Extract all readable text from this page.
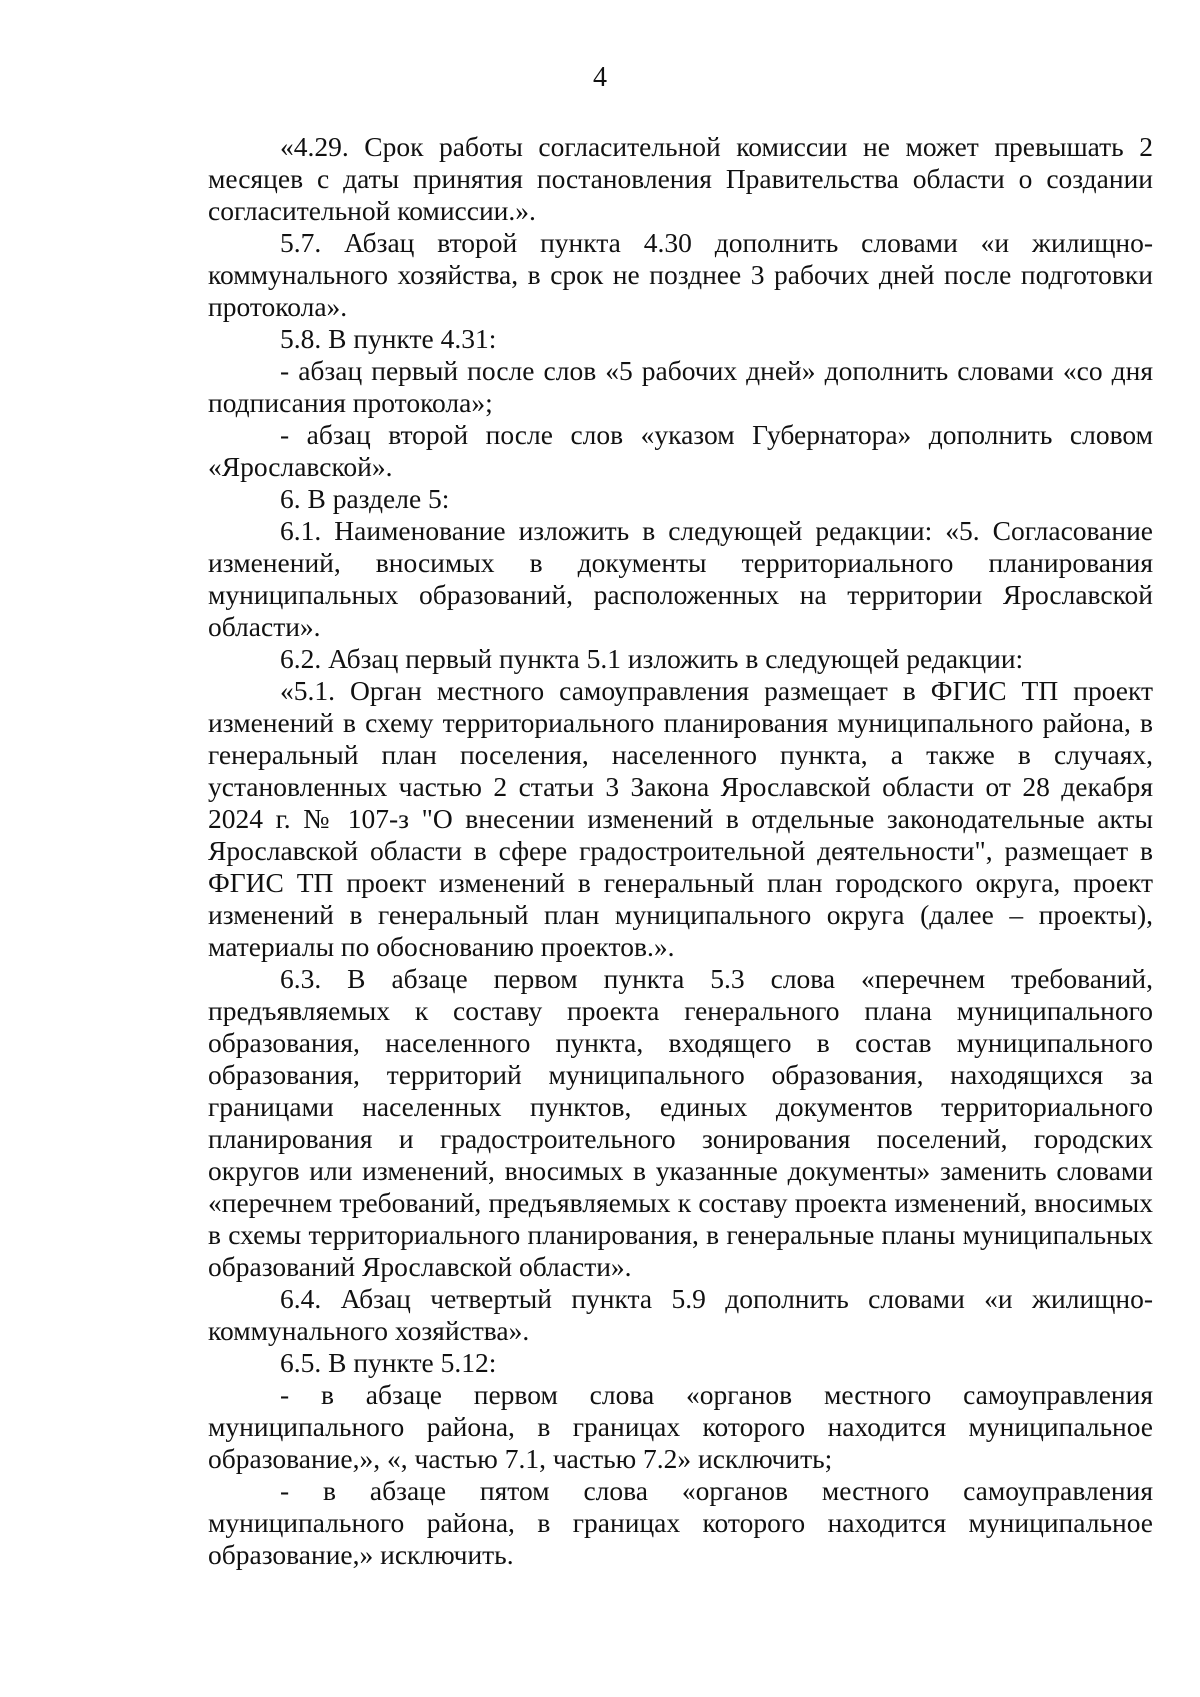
4

«4.29. Срок работы согласительной комиссии не может превышать 2 месяцев с даты принятия постановления Правительства области о создании согласительной комиссии.».

5.7. Абзац второй пункта 4.30 дополнить словами «и жилищно-коммунального хозяйства, в срок не позднее 3 рабочих дней после подготовки протокола».

5.8. В пункте 4.31:

- абзац первый после слов «5 рабочих дней» дополнить словами «со дня подписания протокола»;

- абзац второй после слов «указом Губернатора» дополнить словом «Ярославской».

6. В разделе 5:

6.1. Наименование изложить в следующей редакции: «5. Согласование изменений, вносимых в документы территориального планирования муниципальных образований, расположенных на территории Ярославской области».

6.2. Абзац первый пункта 5.1 изложить в следующей редакции:

«5.1. Орган местного самоуправления размещает в ФГИС ТП проект изменений в схему территориального планирования муниципального района, в генеральный план поселения, населенного пункта, а также в случаях, установленных частью 2 статьи 3 Закона Ярославской области от 28 декабря 2024 г. № 107-з "О внесении изменений в отдельные законодательные акты Ярославской области в сфере градостроительной деятельности", размещает в ФГИС ТП проект изменений в генеральный план городского округа, проект изменений в генеральный план муниципального округа (далее – проекты), материалы по обоснованию проектов.».

6.3. В абзаце первом пункта 5.3 слова «перечнем требований, предъявляемых к составу проекта генерального плана муниципального образования, населенного пункта, входящего в состав муниципального образования, территорий муниципального образования, находящихся за границами населенных пунктов, единых документов территориального планирования и градостроительного зонирования поселений, городских округов или изменений, вносимых в указанные документы» заменить словами «перечнем требований, предъявляемых к составу проекта изменений, вносимых в схемы территориального планирования, в генеральные планы муниципальных образований Ярославской области».

6.4. Абзац четвертый пункта 5.9 дополнить словами «и жилищно-коммунального хозяйства».

6.5. В пункте 5.12:

- в абзаце первом слова «органов местного самоуправления муниципального района, в границах которого находится муниципальное образование,», «, частью 7.1, частью 7.2» исключить;

- в абзаце пятом слова «органов местного самоуправления муниципального района, в границах которого находится муниципальное образование,» исключить.
